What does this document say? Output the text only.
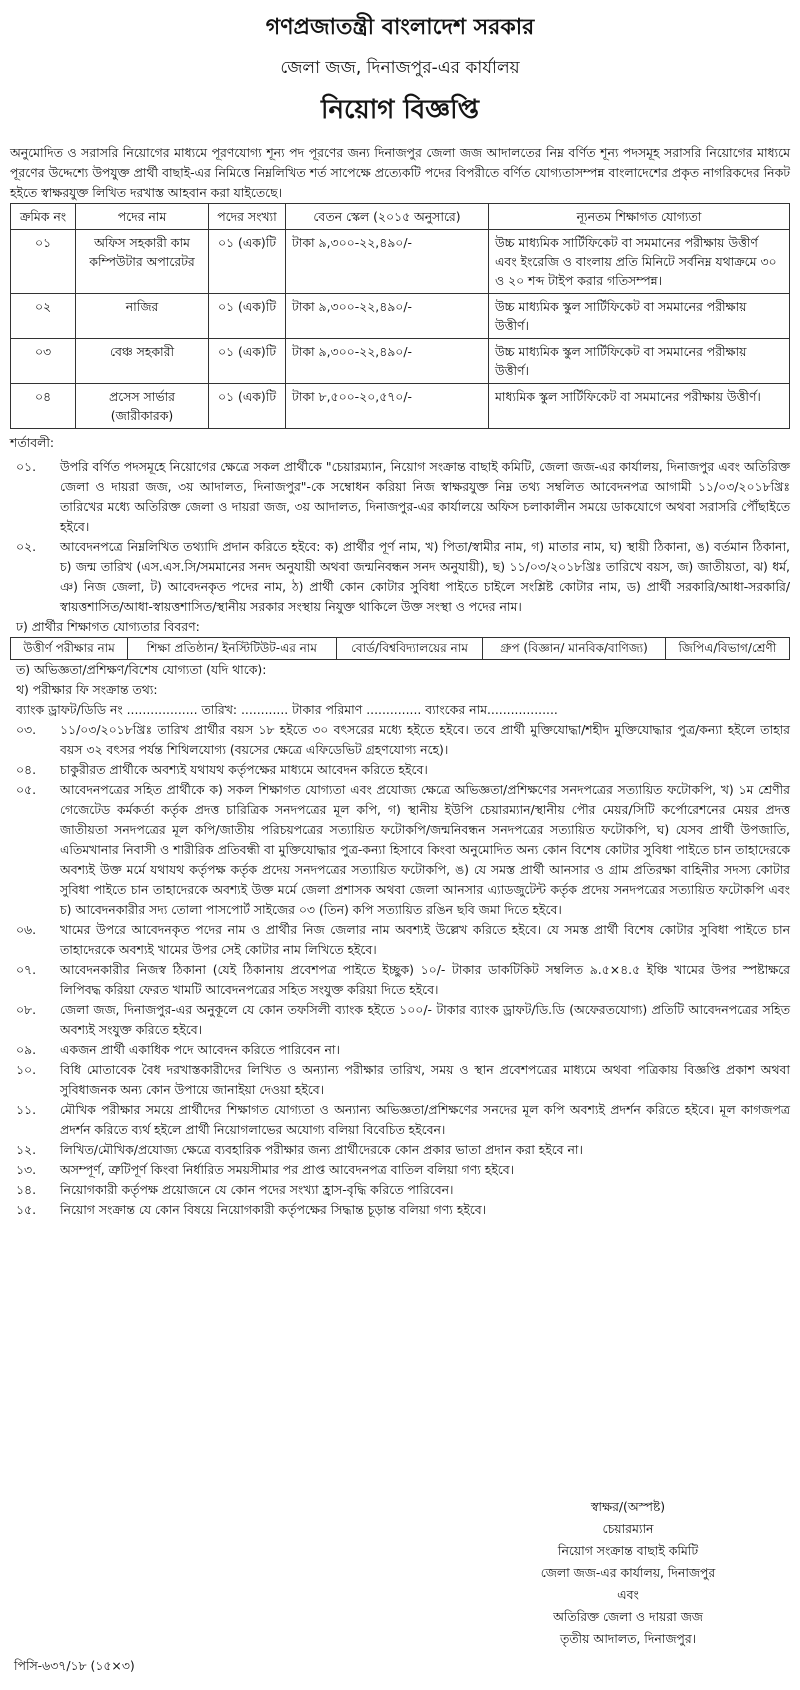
গণপ্রজাতন্ত্রী বাংলাদেশ সরকার
জেলা জজ, দিনাজপুর-এর কার্যালয়
নিয়োগ বিজ্ঞপ্তি
অনুমোদিত ও সরাসরি নিয়োগের মাধ্যমে পূরণযোগ্য শূন্য পদ পূরণের জন্য দিনাজপুর জেলা জজ আদালতের নিম্ন বর্ণিত শূন্য পদসমূহ সরাসরি নিয়োগের মাধ্যমে পূরণের উদ্দেশ্যে উপযুক্ত প্রার্থী বাছাই-এর নিমিত্তে নিম্নলিখিত শর্ত সাপেক্ষে প্রত্যেকটি পদের বিপরীতে বর্ণিত যোগ্যতাসম্পন্ন বাংলাদেশের প্রকৃত নাগরিকদের নিকট হইতে স্বাক্ষরযুক্ত লিখিত দরখাস্ত আহবান করা যাইতেছে।
ক্রমিক নং	পদের নাম	পদের সংখ্যা	বেতন স্কেল (২০১৫ অনুসারে)	ন্যূনতম শিক্ষাগত যোগ্যতা
০১	অফিস সহকারী কাম কম্পিউটার অপারেটর	০১ (এক)টি	টাকা ৯,৩০০-২২,৪৯০/-	উচ্চ মাধ্যমিক সার্টিফিকেট বা সমমানের পরীক্ষায় উত্তীর্ণ এবং ইংরেজি ও বাংলায় প্রতি মিনিটে সর্বনিম্ন যথাক্রমে ৩০ ও ২০ শব্দ টাইপ করার গতিসম্পন্ন।
০২	নাজির	০১ (এক)টি	টাকা ৯,৩০০-২২,৪৯০/-	উচ্চ মাধ্যমিক স্কুল সার্টিফিকেট বা সমমানের পরীক্ষায় উত্তীর্ণ।
০৩	বেঞ্চ সহকারী	০১ (এক)টি	টাকা ৯,৩০০-২২,৪৯০/-	উচ্চ মাধ্যমিক স্কুল সার্টিফিকেট বা সমমানের পরীক্ষায় উত্তীর্ণ।
০৪	প্রসেস সার্ভার (জারীকারক)	০১ (এক)টি	টাকা ৮,৫০০-২০,৫৭০/-	মাধ্যমিক স্কুল সার্টিফিকেট বা সমমানের পরীক্ষায় উত্তীর্ণ।
শর্তাবলী:
০১.	উপরি বর্ণিত পদসমূহে নিয়োগের ক্ষেত্রে সকল প্রার্থীকে "চেয়ারম্যান, নিয়োগ সংক্রান্ত বাছাই কমিটি, জেলা জজ-এর কার্যালয়, দিনাজপুর এবং অতিরিক্ত জেলা ও দায়রা জজ, ৩য় আদালত, দিনাজপুর"-কে সম্বোধন করিয়া নিজ স্বাক্ষরযুক্ত নিম্ন তথ্য সম্বলিত আবেদনপত্র আগামী ১১/০৩/২০১৮খ্রিঃ তারিখের মধ্যে অতিরিক্ত জেলা ও দায়রা জজ, ৩য় আদালত, দিনাজপুর-এর কার্যালয়ে অফিস চলাকালীন সময়ে ডাকযোগে অথবা সরাসরি পৌঁছাইতে হইবে।
০২.	আবেদনপত্রে নিম্নলিখিত তথ্যাদি প্রদান করিতে হইবে: ক) প্রার্থীর পূর্ণ নাম, খ) পিতা/স্বামীর নাম, গ) মাতার নাম, ঘ) স্থায়ী ঠিকানা, ঙ) বর্তমান ঠিকানা, চ) জন্ম তারিখ (এস.এস.সি/সমমানের সনদ অনুযায়ী অথবা জন্মনিবন্ধন সনদ অনুযায়ী), ছ) ১১/০৩/২০১৮খ্রিঃ তারিখে বয়স, জ) জাতীয়তা, ঝ) ধর্ম, ঞ) নিজ জেলা, ট) আবেদনকৃত পদের নাম, ঠ) প্রার্থী কোন কোটার সুবিধা পাইতে চাইলে সংশ্লিষ্ট কোটার নাম, ড) প্রার্থী সরকারি/আধা-সরকারি/ স্বায়ত্তশাসিত/আধা-স্বায়ত্তশাসিত/স্থানীয় সরকার সংস্থায় নিযুক্ত থাকিলে উক্ত সংস্থা ও পদের নাম।
ঢ) প্রার্থীর শিক্ষাগত যোগ্যতার বিবরণ:
উত্তীর্ণ পরীক্ষার নাম	শিক্ষা প্রতিষ্ঠান/ ইনস্টিটিউট-এর নাম	বোর্ড/বিশ্ববিদ্যালয়ের নাম	গ্রুপ (বিজ্ঞান/ মানবিক/বাণিজ্য)	জিপিএ/বিভাগ/শ্রেণী
ত) অভিজ্ঞতা/প্রশিক্ষণ/বিশেষ যোগ্যতা (যদি থাকে):
থ) পরীক্ষার ফি সংক্রান্ত তথ্য:
ব্যাংক ড্রাফট/ডিডি নং .................. তারিখ: ............ টাকার পরিমাণ .............. ব্যাংকের নাম..................
০৩.	১১/০৩/২০১৮খ্রিঃ তারিখ প্রার্থীর বয়স ১৮ হইতে ৩০ বৎসরের মধ্যে হইতে হইবে। তবে প্রার্থী মুক্তিযোদ্ধা/শহীদ মুক্তিযোদ্ধার পুত্র/কন্যা হইলে তাহার বয়স ৩২ বৎসর পর্যন্ত শিথিলযোগ্য (বয়সের ক্ষেত্রে এফিডেভিট গ্রহণযোগ্য নহে)।
০৪.	চাকুরীরত প্রার্থীকে অবশ্যই যথাযথ কর্তৃপক্ষের মাধ্যমে আবেদন করিতে হইবে।
০৫.	আবেদনপত্রের সহিত প্রার্থীকে ক) সকল শিক্ষাগত যোগ্যতা এবং প্রযোজ্য ক্ষেত্রে অভিজ্ঞতা/প্রশিক্ষণের সনদপত্রের সত্যায়িত ফটোকপি, খ) ১ম শ্রেণীর গেজেটেড কর্মকর্তা কর্তৃক প্রদত্ত চারিত্রিক সনদপত্রের মূল কপি, গ) স্থানীয় ইউপি চেয়ারম্যান/স্থানীয় পৌর মেয়র/সিটি কর্পোরেশনের মেয়র প্রদত্ত জাতীয়তা সনদপত্রের মূল কপি/জাতীয় পরিচয়পত্রের সত্যায়িত ফটোকপি/জন্মনিবন্ধন সনদপত্রের সত্যায়িত ফটোকপি, ঘ) যেসব প্রার্থী উপজাতি, এতিমখানার নিবাসী ও শারীরিক প্রতিবন্ধী বা মুক্তিযোদ্ধার পুত্র-কন্যা হিসাবে কিংবা অনুমোদিত অন্য কোন বিশেষ কোটার সুবিধা পাইতে চান তাহাদেরকে অবশ্যই উক্ত মর্মে যথাযথ কর্তৃপক্ষ কর্তৃক প্রদেয় সনদপত্রের সত্যায়িত ফটোকপি, ঙ) যে সমস্ত প্রার্থী আনসার ও গ্রাম প্রতিরক্ষা বাহিনীর সদস্য কোটার সুবিধা পাইতে চান তাহাদেরকে অবশ্যই উক্ত মর্মে জেলা প্রশাসক অথবা জেলা আনসার এ্যাডজুটেন্ট কর্তৃক প্রদেয় সনদপত্রের সত্যায়িত ফটোকপি এবং চ) আবেদনকারীর সদ্য তোলা পাসপোর্ট সাইজের ০৩ (তিন) কপি সত্যায়িত রঙিন ছবি জমা দিতে হইবে।
০৬.	খামের উপরে আবেদনকৃত পদের নাম ও প্রার্থীর নিজ জেলার নাম অবশ্যই উল্লেখ করিতে হইবে। যে সমস্ত প্রার্থী বিশেষ কোটার সুবিধা পাইতে চান তাহাদেরকে অবশ্যই খামের উপর সেই কোটার নাম লিখিতে হইবে।
০৭.	আবেদনকারীর নিজস্ব ঠিকানা (যেই ঠিকানায় প্রবেশপত্র পাইতে ইচ্ছুক) ১০/- টাকার ডাকটিকিট সম্বলিত ৯.৫×৪.৫ ইঞ্চি খামের উপর স্পষ্টাক্ষরে লিপিবদ্ধ করিয়া ফেরত খামটি আবেদনপত্রের সহিত সংযুক্ত করিয়া দিতে হইবে।
০৮.	জেলা জজ, দিনাজপুর-এর অনুকূলে যে কোন তফসিলী ব্যাংক হইতে ১০০/- টাকার ব্যাংক ড্রাফট/ডি.ডি (অফেরতযোগ্য) প্রতিটি আবেদনপত্রের সহিত অবশ্যই সংযুক্ত করিতে হইবে।
০৯.	একজন প্রার্থী একাধিক পদে আবেদন করিতে পারিবেন না।
১০.	বিধি মোতাবেক বৈধ দরখাস্তকারীদের লিখিত ও অন্যান্য পরীক্ষার তারিখ, সময় ও স্থান প্রবেশপত্রের মাধ্যমে অথবা পত্রিকায় বিজ্ঞপ্তি প্রকাশ অথবা সুবিধাজনক অন্য কোন উপায়ে জানাইয়া দেওয়া হইবে।
১১.	মৌখিক পরীক্ষার সময়ে প্রার্থীদের শিক্ষাগত যোগ্যতা ও অন্যান্য অভিজ্ঞতা/প্রশিক্ষণের সনদের মূল কপি অবশ্যই প্রদর্শন করিতে হইবে। মূল কাগজপত্র প্রদর্শন করিতে ব্যর্থ হইলে প্রার্থী নিয়োগলাভের অযোগ্য বলিয়া বিবেচিত হইবেন।
১২.	লিখিত/মৌখিক/প্রযোজ্য ক্ষেত্রে ব্যবহারিক পরীক্ষার জন্য প্রার্থীদেরকে কোন প্রকার ভাতা প্রদান করা হইবে না।
১৩.	অসম্পূর্ণ, ত্রুটিপূর্ণ কিংবা নির্ধারিত সময়সীমার পর প্রাপ্ত আবেদনপত্র বাতিল বলিয়া গণ্য হইবে।
১৪.	নিয়োগকারী কর্তৃপক্ষ প্রয়োজনে যে কোন পদের সংখ্যা হ্রাস-বৃদ্ধি করিতে পারিবেন।
১৫.	নিয়োগ সংক্রান্ত যে কোন বিষয়ে নিয়োগকারী কর্তৃপক্ষের সিদ্ধান্ত চূড়ান্ত বলিয়া গণ্য হইবে।
স্বাক্ষর/(অস্পষ্ট)
চেয়ারম্যান
নিয়োগ সংক্রান্ত বাছাই কমিটি
জেলা জজ-এর কার্যালয়, দিনাজপুর
এবং
অতিরিক্ত জেলা ও দায়রা জজ
তৃতীয় আদালত, দিনাজপুর।
পিসি-৬৩৭/১৮ (১৫×৩)
